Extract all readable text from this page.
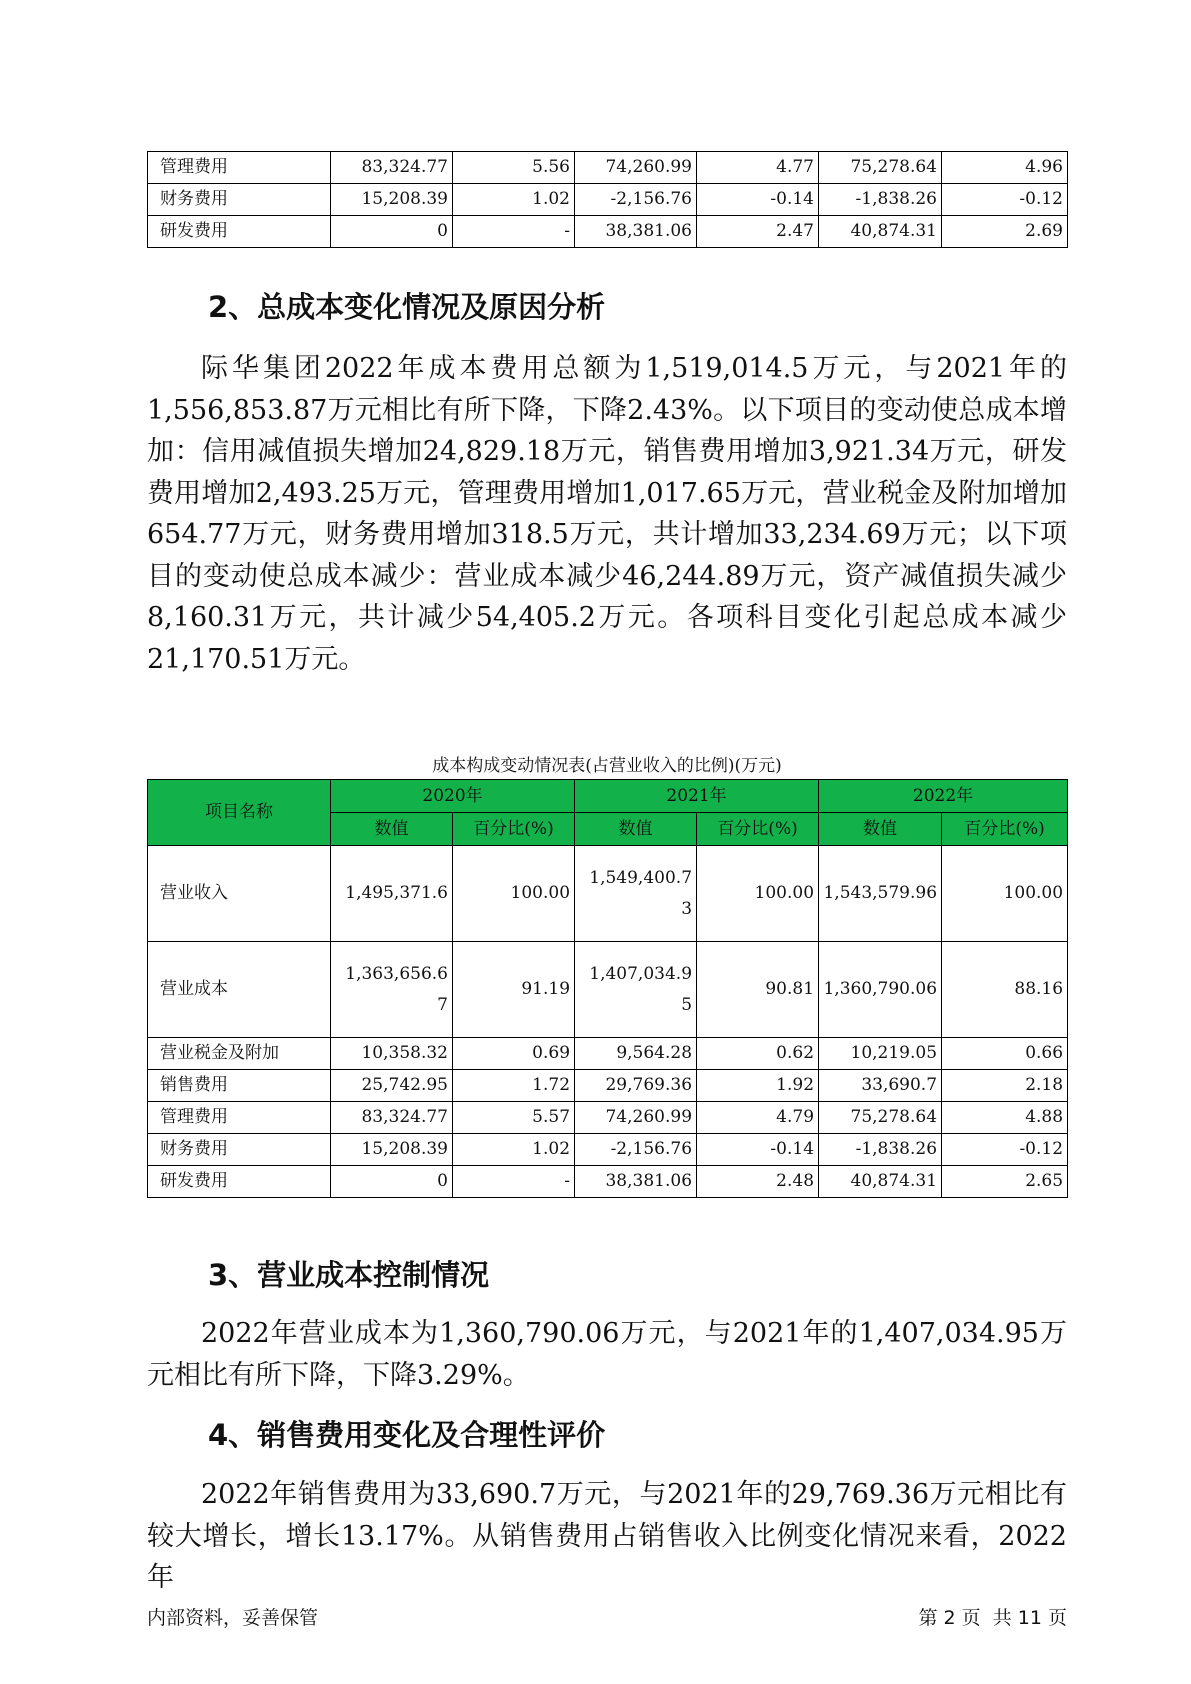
管理费用	83,324.77	5.56	74,260.99	4.77	75,278.64	4.96
财务费用	15,208.39	1.02	-2,156.76	-0.14	-1,838.26	-0.12
研发费用	0	-	38,381.06	2.47	40,874.31	2.69
2、总成本变化情况及原因分析

际华集团2022年成本费用总额为1,519,014.5万元，与2021年的1,556,853.87万元相比有所下降，下降2.43%。以下项目的变动使总成本增加：信用减值损失增加24,829.18万元，销售费用增加3,921.34万元，研发费用增加2,493.25万元，管理费用增加1,017.65万元，营业税金及附加增加654.77万元，财务费用增加318.5万元，共计增加33,234.69万元；以下项目的变动使总成本减少：营业成本减少46,244.89万元，资产减值损失减少8,160.31万元，共计减少54,405.2万元。各项科目变化引起总成本减少21,170.51万元。

成本构成变动情况表(占营业收入的比例)(万元)
项目名称	2020年		2021年		2022年	
	数值	百分比(%)	数值	百分比(%)	数值	百分比(%)
营业收入	1,495,371.6	100.00	1,549,400.73	100.00	1,543,579.96	100.00
营业成本	1,363,656.67	91.19	1,407,034.95	90.81	1,360,790.06	88.16
营业税金及附加	10,358.32	0.69	9,564.28	0.62	10,219.05	0.66
销售费用	25,742.95	1.72	29,769.36	1.92	33,690.7	2.18
管理费用	83,324.77	5.57	74,260.99	4.79	75,278.64	4.88
财务费用	15,208.39	1.02	-2,156.76	-0.14	-1,838.26	-0.12
研发费用	0	-	38,381.06	2.48	40,874.31	2.65
3、营业成本控制情况

2022年营业成本为1,360,790.06万元，与2021年的1,407,034.95万元相比有所下降，下降3.29%。

4、销售费用变化及合理性评价

2022年销售费用为33,690.7万元，与2021年的29,769.36万元相比有较大增长，增长13.17%。从销售费用占销售收入比例变化情况来看，2022年

内部资料，妥善保管	第 2 页  共 11 页
